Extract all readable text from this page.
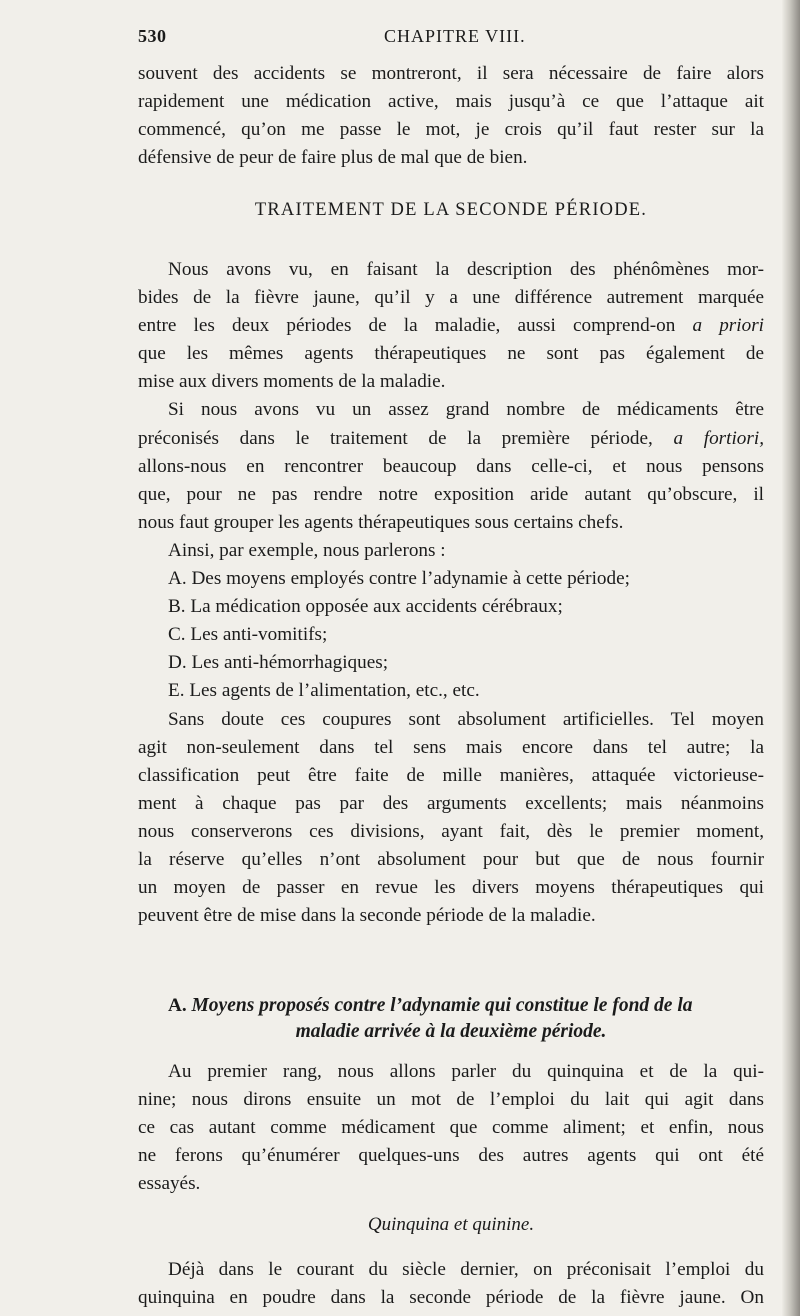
530	CHAPITRE VIII.
souvent des accidents se montreront, il sera nécessaire de faire alors
rapidement une médication active, mais jusqu’à ce que l’attaque ait
commencé, qu’on me passe le mot, je crois qu’il faut rester sur la
défensive de peur de faire plus de mal que de bien.
TRAITEMENT DE LA SECONDE PÉRIODE.
Nous avons vu, en faisant la description des phénômènes mor-
bides de la fièvre jaune, qu’il y a une différence autrement marquée
entre les deux périodes de la maladie, aussi comprend-on a priori
que les mêmes agents thérapeutiques ne sont pas également de
mise aux divers moments de la maladie.
Si nous avons vu un assez grand nombre de médicaments être
préconisés dans le traitement de la première période, a fortiori,
allons-nous en rencontrer beaucoup dans celle-ci, et nous pensons
que, pour ne pas rendre notre exposition aride autant qu’obscure, il
nous faut grouper les agents thérapeutiques sous certains chefs.
Ainsi, par exemple, nous parlerons :
A. Des moyens employés contre l’adynamie à cette période;
B. La médication opposée aux accidents cérébraux;
C. Les anti-vomitifs;
D. Les anti-hémorrhagiques;
E. Les agents de l’alimentation, etc., etc.
Sans doute ces coupures sont absolument artificielles. Tel moyen
agit non-seulement dans tel sens mais encore dans tel autre; la
classification peut être faite de mille manières, attaquée victorieuse-
ment à chaque pas par des arguments excellents; mais néanmoins
nous conserverons ces divisions, ayant fait, dès le premier moment,
la réserve qu’elles n’ont absolument pour but que de nous fournir
un moyen de passer en revue les divers moyens thérapeutiques qui
peuvent être de mise dans la seconde période de la maladie.
A. Moyens proposés contre l’adynamie qui constitue le fond de la
maladie arrivée à la deuxième période.
Au premier rang, nous allons parler du quinquina et de la qui-
nine; nous dirons ensuite un mot de l’emploi du lait qui agit dans
ce cas autant comme médicament que comme aliment; et enfin, nous
ne ferons qu’énumérer quelques-uns des autres agents qui ont été
essayés.
Quinquina et quinine.
Déjà dans le courant du siècle dernier, on préconisait l’emploi du
quinquina en poudre dans la seconde période de la fièvre jaune. On
